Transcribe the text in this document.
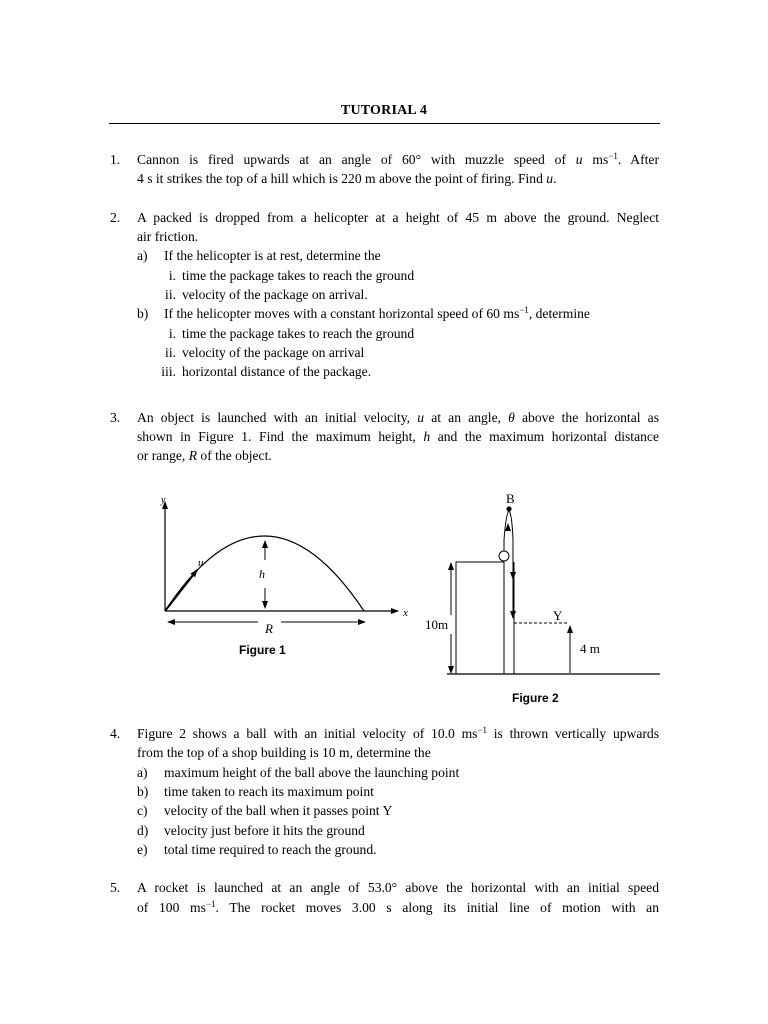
TUTORIAL 4
1. Cannon is fired upwards at an angle of 60° with muzzle speed of u $ms^{-1}$. After
4 s it strikes the top of a hill which is 220 m above the point of firing. Find u.
2. A packed is dropped from a helicopter at a height of 45 m above the ground. Neglect
air friction.
a) If the helicopter is at rest, determine the
i. time the package takes to reach the ground
ii. velocity of the package on arrival.
b) If the helicopter moves with a constant horizontal speed of 60 $ms^{-1}$, determine
i. time the package takes to reach the ground
ii. velocity of the package on arrival
iii. horizontal distance of the package.
3. An object is launched with an initial velocity, u at an angle, θ above the horizontal as
shown in Figure 1. Find the maximum height, h and the maximum horizontal distance
or range, R of the object.
y
x
u
h
R
Figure 1
B
Y
10m
4 m
Figure 2
4. Figure 2 shows a ball with an initial velocity of 10.0 $ms^{-1}$ is thrown vertically upwards
from the top of a shop building is 10 m, determine the
a) maximum height of the ball above the launching point
b) time taken to reach its maximum point
c) velocity of the ball when it passes point Y
d) velocity just before it hits the ground
e) total time required to reach the ground.
5. A rocket is launched at an angle of 53.0° above the horizontal with an initial speed
of 100 $ms^{-1}$. The rocket moves 3.00 s along its initial line of motion with an
